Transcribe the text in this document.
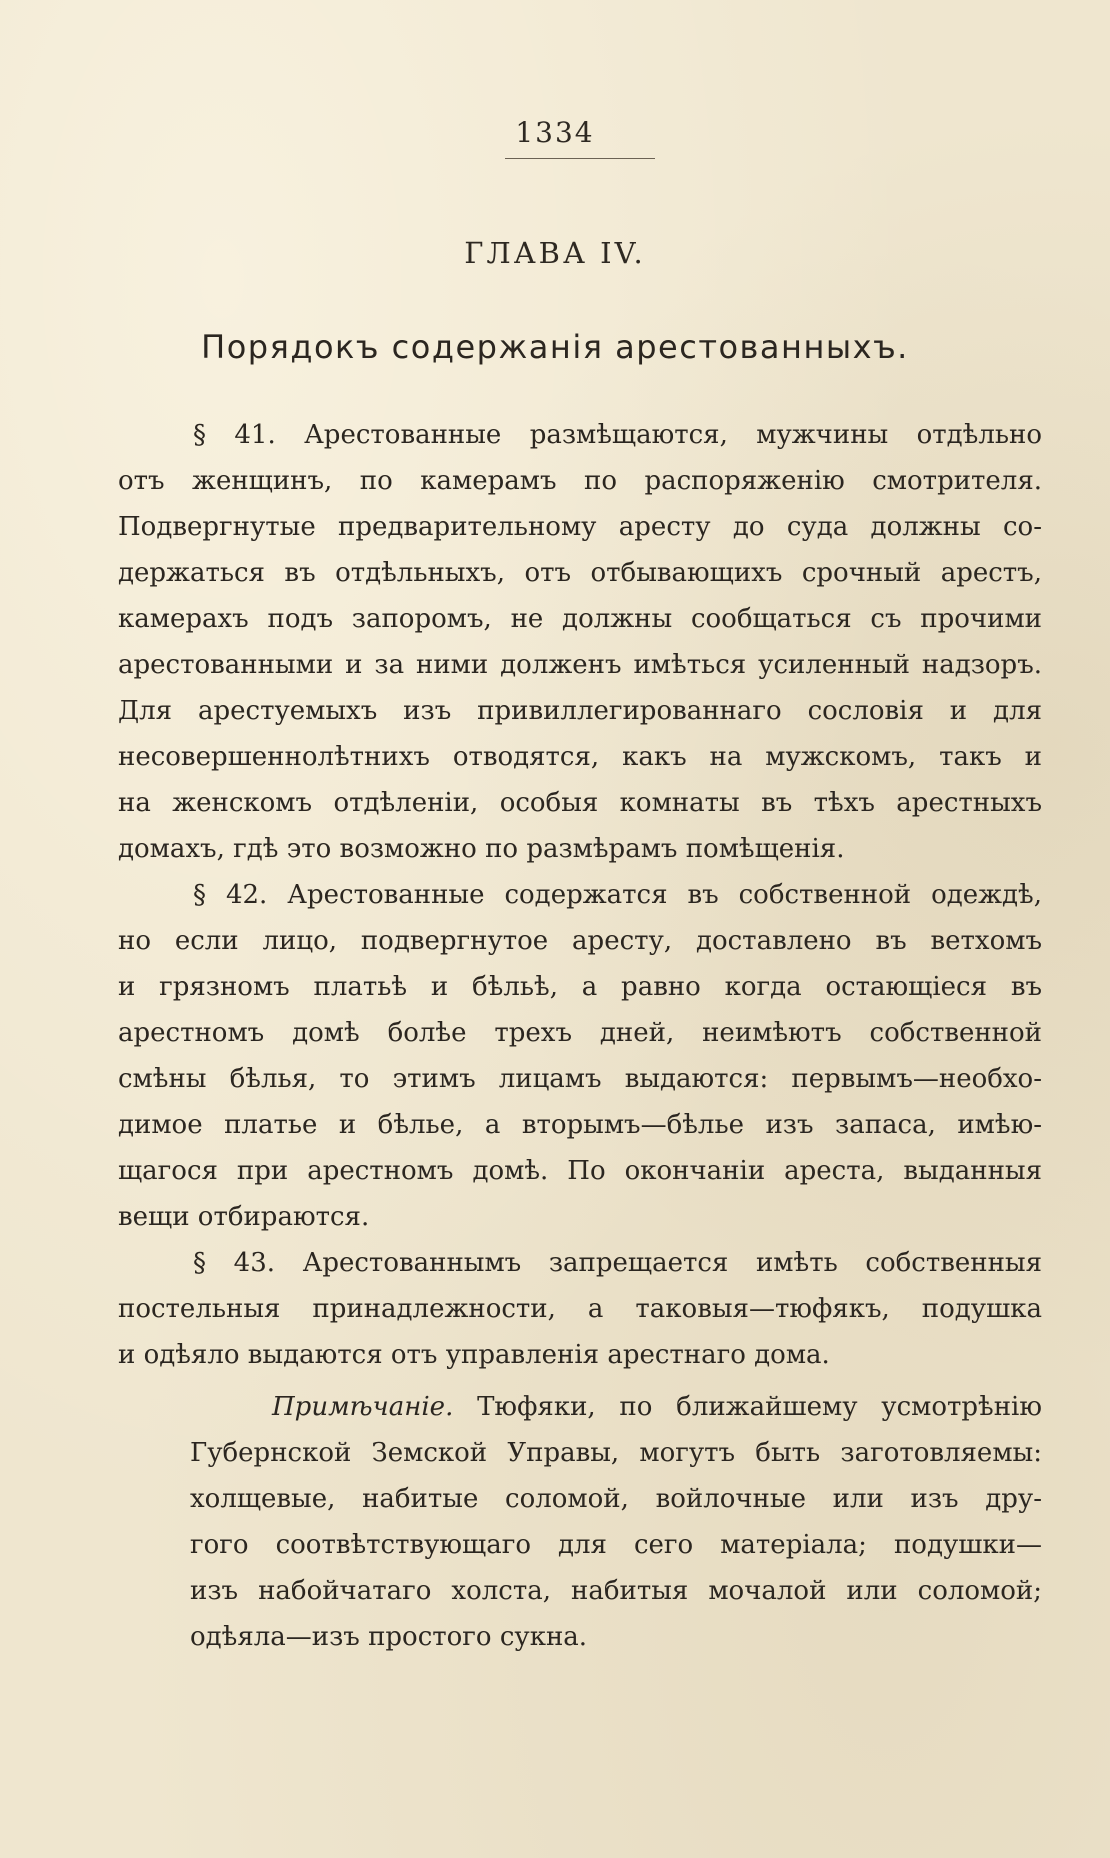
1334
ГЛАВА IV.
Порядокъ содержанія арестованныхъ.
§ 41. Арестованные размѣщаются, мужчины отдѣльно
отъ женщинъ, по камерамъ по распоряженію смотрителя.
Подвергнутые предварительному аресту до суда должны со-
держаться въ отдѣльныхъ, отъ отбывающихъ срочный арестъ,
камерахъ подъ запоромъ, не должны сообщаться съ прочими
арестованными и за ними долженъ имѣться усиленный надзоръ.
Для арестуемыхъ изъ привиллегированнаго сословія и для
несовершеннолѣтнихъ отводятся, какъ на мужскомъ, такъ и
на женскомъ отдѣленіи, особыя комнаты въ тѣхъ арестныхъ
домахъ, гдѣ это возможно по размѣрамъ помѣщенія.
§ 42. Арестованные содержатся въ собственной одеждѣ,
но если лицо, подвергнутое аресту, доставлено въ ветхомъ
и грязномъ платьѣ и бѣльѣ, а равно когда остающіеся въ
арестномъ домѣ болѣе трехъ дней, неимѣютъ собственной
смѣны бѣлья, то этимъ лицамъ выдаются: первымъ—необхо-
димое платье и бѣлье, а вторымъ—бѣлье изъ запаса, имѣю-
щагося при арестномъ домѣ. По окончаніи ареста, выданныя
вещи отбираются.
§ 43. Арестованнымъ запрещается имѣть собственныя
постельныя принадлежности, а таковыя—тюфякъ, подушка
и одѣяло выдаются отъ управленія арестнаго дома.
Примѣчаніе. Тюфяки, по ближайшему усмотрѣнію
Губернской Земской Управы, могутъ быть заготовляемы:
холщевые, набитые соломой, войлочные или изъ дру-
гого соотвѣтствующаго для сего матеріала; подушки—
изъ набойчатаго холста, набитыя мочалой или соломой;
одѣяла—изъ простого сукна.
